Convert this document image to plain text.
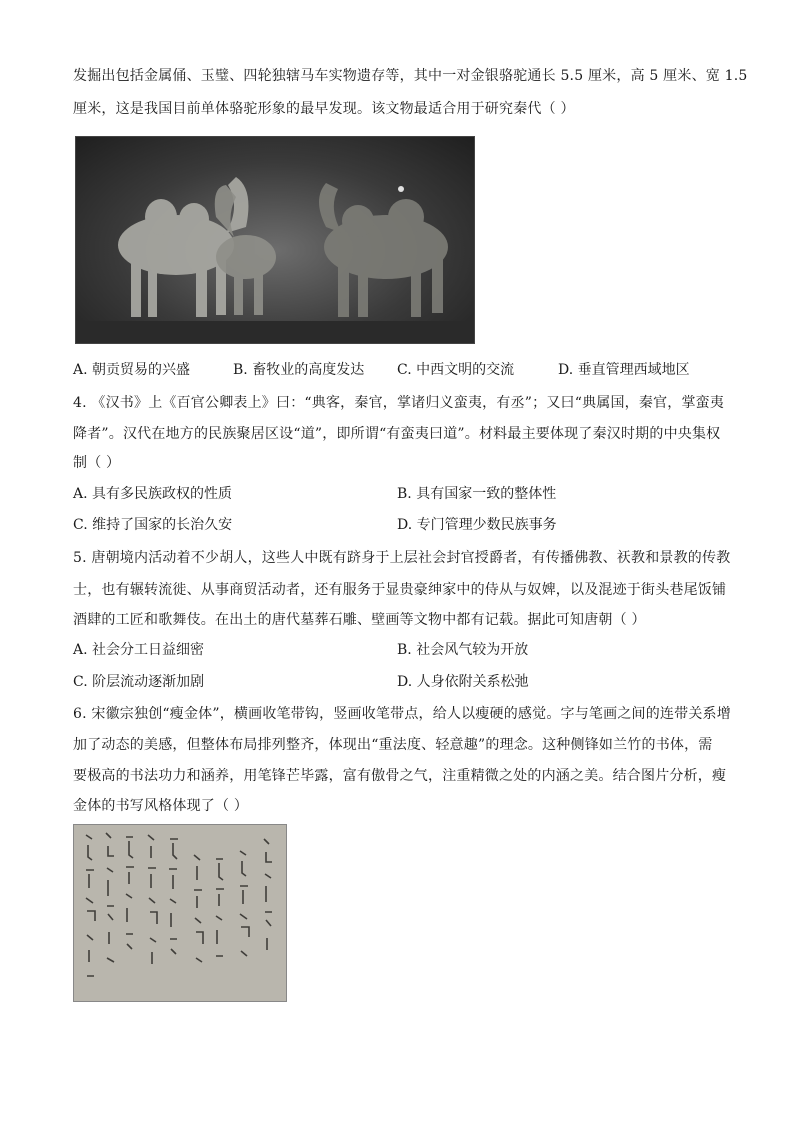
发掘出包括金属俑、玉璧、四轮独辖马车实物遗存等，其中一对金银骆驼通长 5.5 厘米，高 5 厘米、宽 1.5
厘米，这是我国目前单体骆驼形象的最早发现。该文物最适合用于研究秦代（ ）
A. 朝贡贸易的兴盛	B. 畜牧业的高度发达 C. 中西文明的交流	D. 垂直管理西域地区
4. 《汉书》上《百官公卿表上》曰：“典客，秦官，掌诸归义蛮夷，有丞”；又曰“典属国，秦官，掌蛮夷
降者”。汉代在地方的民族聚居区设“道”，即所谓“有蛮夷曰道”。材料最主要体现了秦汉时期的中央集权
制（ ）
A. 具有多民族政权的性质	B. 具有国家一致的整体性
C. 维持了国家的长治久安	D. 专门管理少数民族事务
5. 唐朝境内活动着不少胡人，这些人中既有跻身于上层社会封官授爵者，有传播佛教、祆教和景教的传教
士，也有辗转流徙、从事商贸活动者，还有服务于显贵豪绅家中的侍从与奴婢，以及混迹于街头巷尾饭铺
酒肆的工匠和歌舞伎。在出土的唐代墓葬石雕、壁画等文物中都有记载。据此可知唐朝（ ）
A. 社会分工日益细密	B. 社会风气较为开放
C. 阶层流动逐渐加剧	D. 人身依附关系松弛
6. 宋徽宗独创“瘦金体”，横画收笔带钩，竖画收笔带点，给人以瘦硬的感觉。字与笔画之间的连带关系增
加了动态的美感，但整体布局排列整齐，体现出“重法度、轻意趣”的理念。这种侧锋如兰竹的书体，需
要极高的书法功力和涵养，用笔锋芒毕露，富有傲骨之气，注重精微之处的内涵之美。结合图片分析，瘦
金体的书写风格体现了（ ）
